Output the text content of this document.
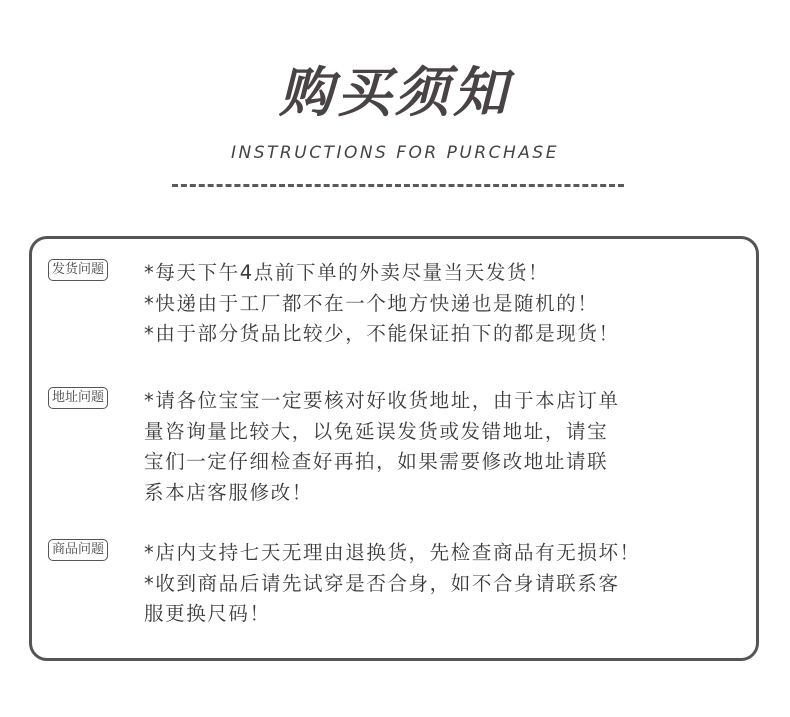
购买须知
INSTRUCTIONS FOR PURCHASE
发货问题 *每天下午4点前下单的外卖尽量当天发货！
*快递由于工厂都不在一个地方快递也是随机的！
*由于部分货品比较少，不能保证拍下的都是现货！
地址问题 *请各位宝宝一定要核对好收货地址，由于本店订单
量咨询量比较大，以免延误发货或发错地址，请宝
宝们一定仔细检查好再拍，如果需要修改地址请联
系本店客服修改！
商品问题 *店内支持七天无理由退换货，先检查商品有无损坏！
*收到商品后请先试穿是否合身，如不合身请联系客
服更换尺码！
